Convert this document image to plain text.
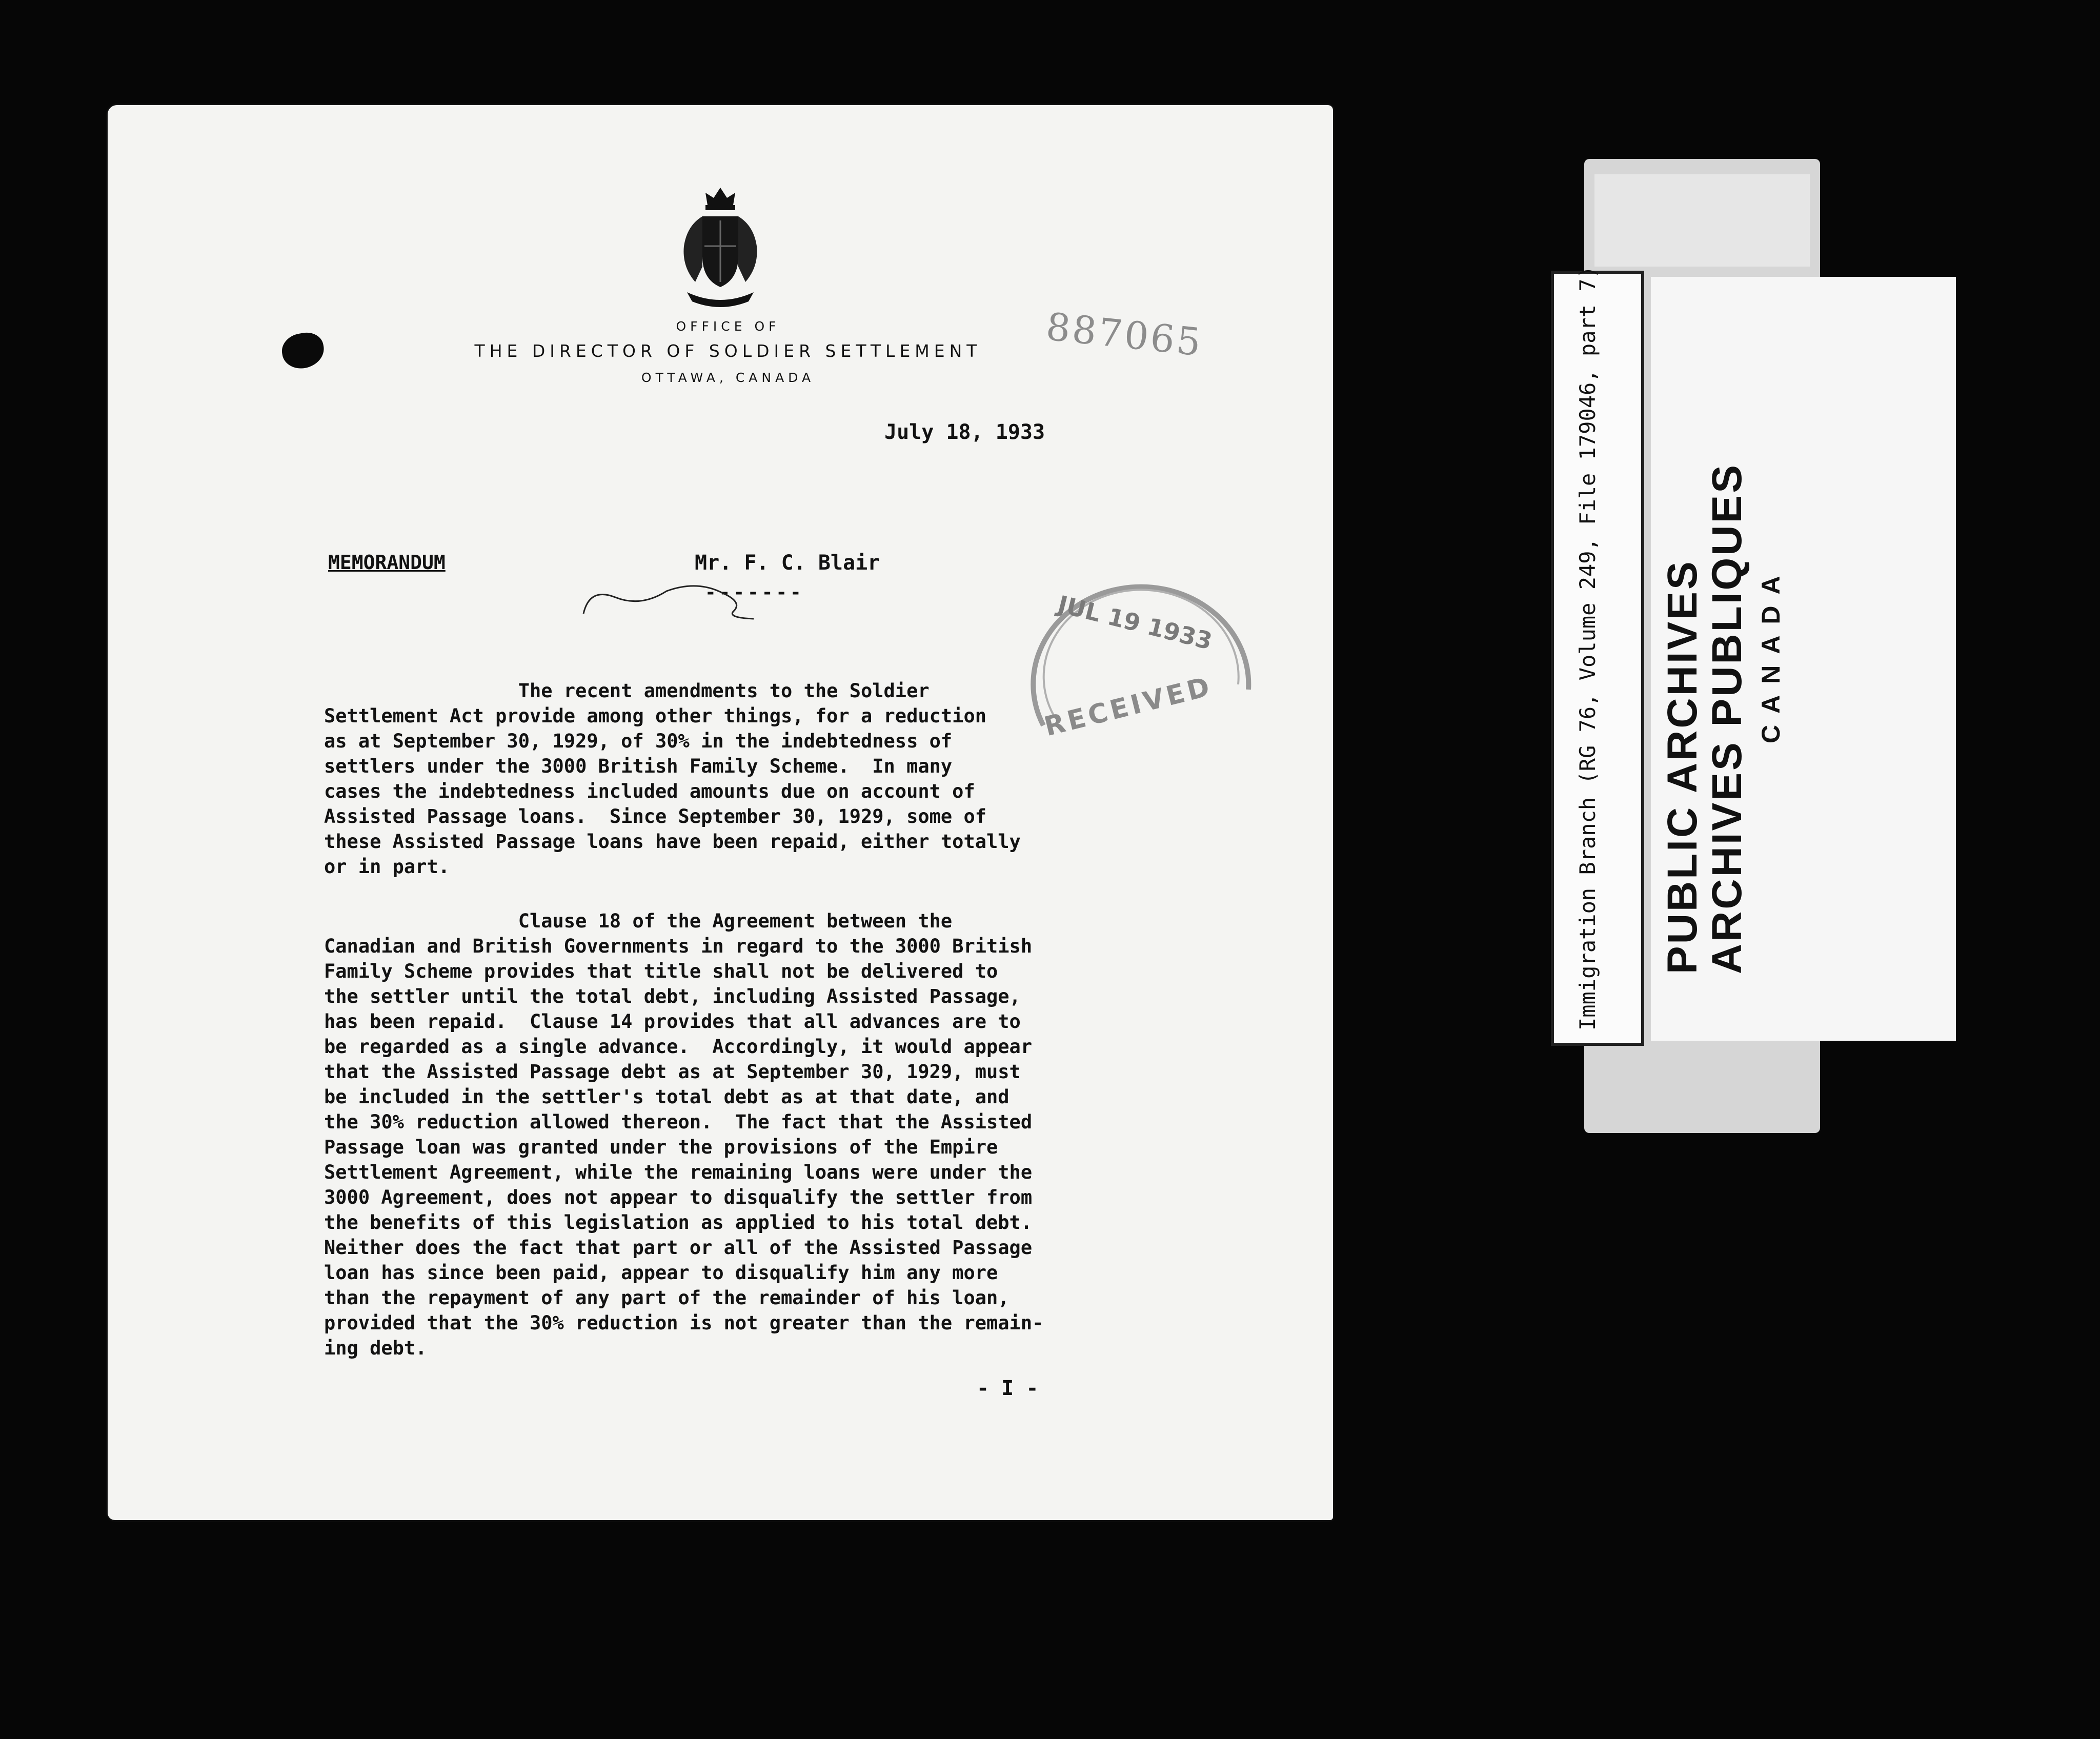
OFFICE OF
THE DIRECTOR OF SOLDIER SETTLEMENT
OTTAWA, CANADA
887065
July 18, 1933
MEMORANDUM	Mr. F. C. Blair
-------	JUL 19 1933
RECEIVED
The recent amendments to the Soldier
Settlement Act provide among other things, for a reduction
as at September 30, 1929, of 30% in the indebtedness of
settlers under the 3000 British Family Scheme.  In many
cases the indebtedness included amounts due on account of
Assisted Passage loans.  Since September 30, 1929, some of
these Assisted Passage loans have been repaid, either totally
or in part.
Clause 18 of the Agreement between the
Canadian and British Governments in regard to the 3000 British
Family Scheme provides that title shall not be delivered to
the settler until the total debt, including Assisted Passage,
has been repaid.  Clause 14 provides that all advances are to
be regarded as a single advance.  Accordingly, it would appear
that the Assisted Passage debt as at September 30, 1929, must
be included in the settler's total debt as at that date, and
the 30% reduction allowed thereon.  The fact that the Assisted
Passage loan was granted under the provisions of the Empire
Settlement Agreement, while the remaining loans were under the
3000 Agreement, does not appear to disqualify the settler from
the benefits of this legislation as applied to his total debt.
Neither does the fact that part or all of the Assisted Passage
loan has since been paid, appear to disqualify him any more
than the repayment of any part of the remainder of his loan,
provided that the 30% reduction is not greater than the remain-
ing debt.
- I -
Immigration Branch (RG 76, Volume 249, File 179046, part 7) PUBLIC ARCHIVES
ARCHIVES PUBLIQUES CANADA
